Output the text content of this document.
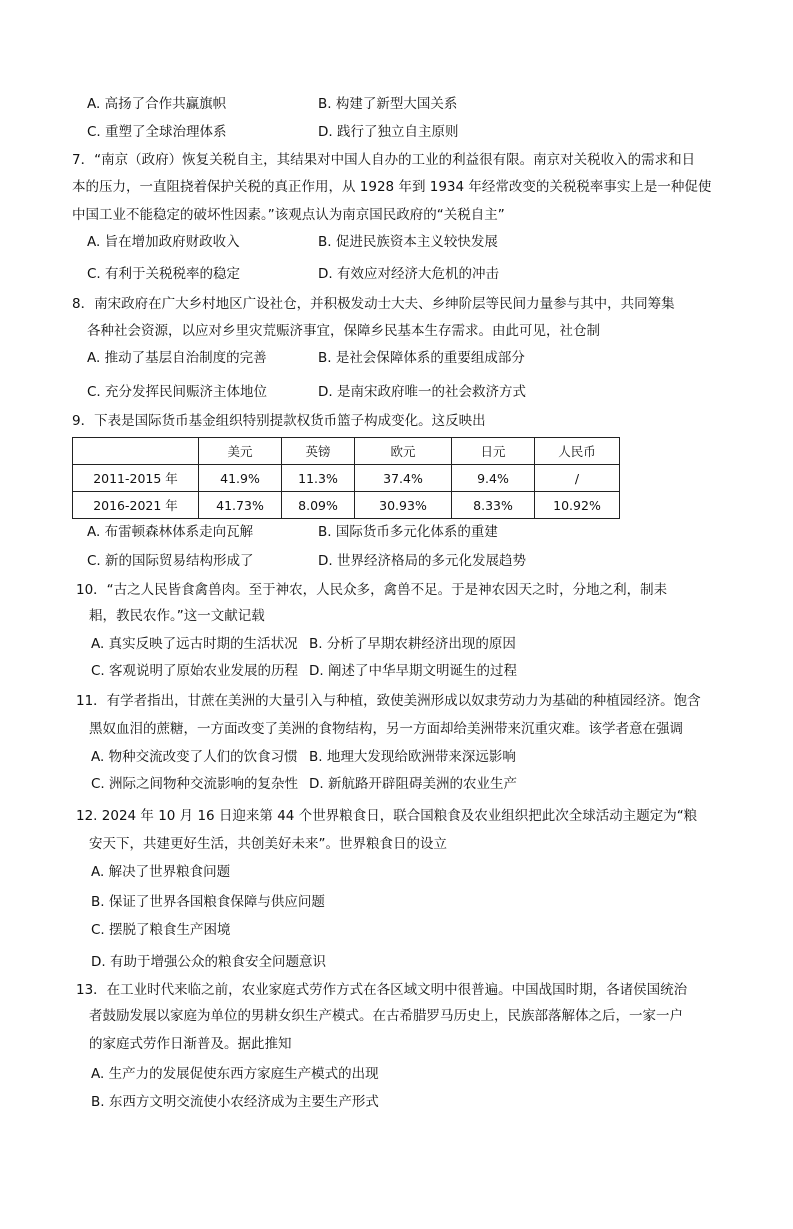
A. 高扬了合作共赢旗帜	B. 构建了新型大国关系
C. 重塑了全球治理体系	D. 践行了独立自主原则
7．“南京（政府）恢复关税自主，其结果对中国人自办的工业的利益很有限。南京对关税收入的需求和日
本的压力，一直阻挠着保护关税的真正作用，从 1928 年到 1934 年经常改变的关税税率事实上是一种促使
中国工业不能稳定的破坏性因素。”该观点认为南京国民政府的“关税自主”
A. 旨在增加政府财政收入	B. 促进民族资本主义较快发展
C. 有利于关税税率的稳定	D. 有效应对经济大危机的冲击
8．南宋政府在广大乡村地区广设社仓，并积极发动士大夫、乡绅阶层等民间力量参与其中，共同筹集
各种社会资源，以应对乡里灾荒赈济事宜，保障乡民基本生存需求。由此可见，社仓制
A. 推动了基层自治制度的完善	B. 是社会保障体系的重要组成部分
C. 充分发挥民间赈济主体地位	D. 是南宋政府唯一的社会救济方式
9．下表是国际货币基金组织特别提款权货币篮子构成变化。这反映出
	美元	英镑	欧元	日元	人民币
2011-2015 年	41.9%	11.3%	37.4%	9.4%	/
2016-2021 年	41.73%	8.09%	30.93%	8.33%	10.92%
A. 布雷顿森林体系走向瓦解	B. 国际货币多元化体系的重建
C. 新的国际贸易结构形成了	D. 世界经济格局的多元化发展趋势
10．“古之人民皆食禽兽肉。至于神农，人民众多，禽兽不足。于是神农因天之时，分地之利，制耒
耜，教民农作。”这一文献记载
A. 真实反映了远古时期的生活状况 B. 分析了早期农耕经济出现的原因
C. 客观说明了原始农业发展的历程 D. 阐述了中华早期文明诞生的过程
11．有学者指出，甘蔗在美洲的大量引入与种植，致使美洲形成以奴隶劳动力为基础的种植园经济。饱含
黑奴血泪的蔗糖，一方面改变了美洲的食物结构，另一方面却给美洲带来沉重灾难。该学者意在强调
A. 物种交流改变了人们的饮食习惯 B. 地理大发现给欧洲带来深远影响
C. 洲际之间物种交流影响的复杂性 D. 新航路开辟阻碍美洲的农业生产
12. 2024 年 10 月 16 日迎来第 44 个世界粮食日，联合国粮食及农业组织把此次全球活动主题定为“粮
安天下，共建更好生活，共创美好未来”。世界粮食日的设立
A. 解决了世界粮食问题
B. 保证了世界各国粮食保障与供应问题
C. 摆脱了粮食生产困境
D. 有助于增强公众的粮食安全问题意识
13．在工业时代来临之前，农业家庭式劳作方式在各区域文明中很普遍。中国战国时期，各诸侯国统治
者鼓励发展以家庭为单位的男耕女织生产模式。在古希腊罗马历史上，民族部落解体之后，一家一户
的家庭式劳作日渐普及。据此推知
A. 生产力的发展促使东西方家庭生产模式的出现
B. 东西方文明交流使小农经济成为主要生产形式
